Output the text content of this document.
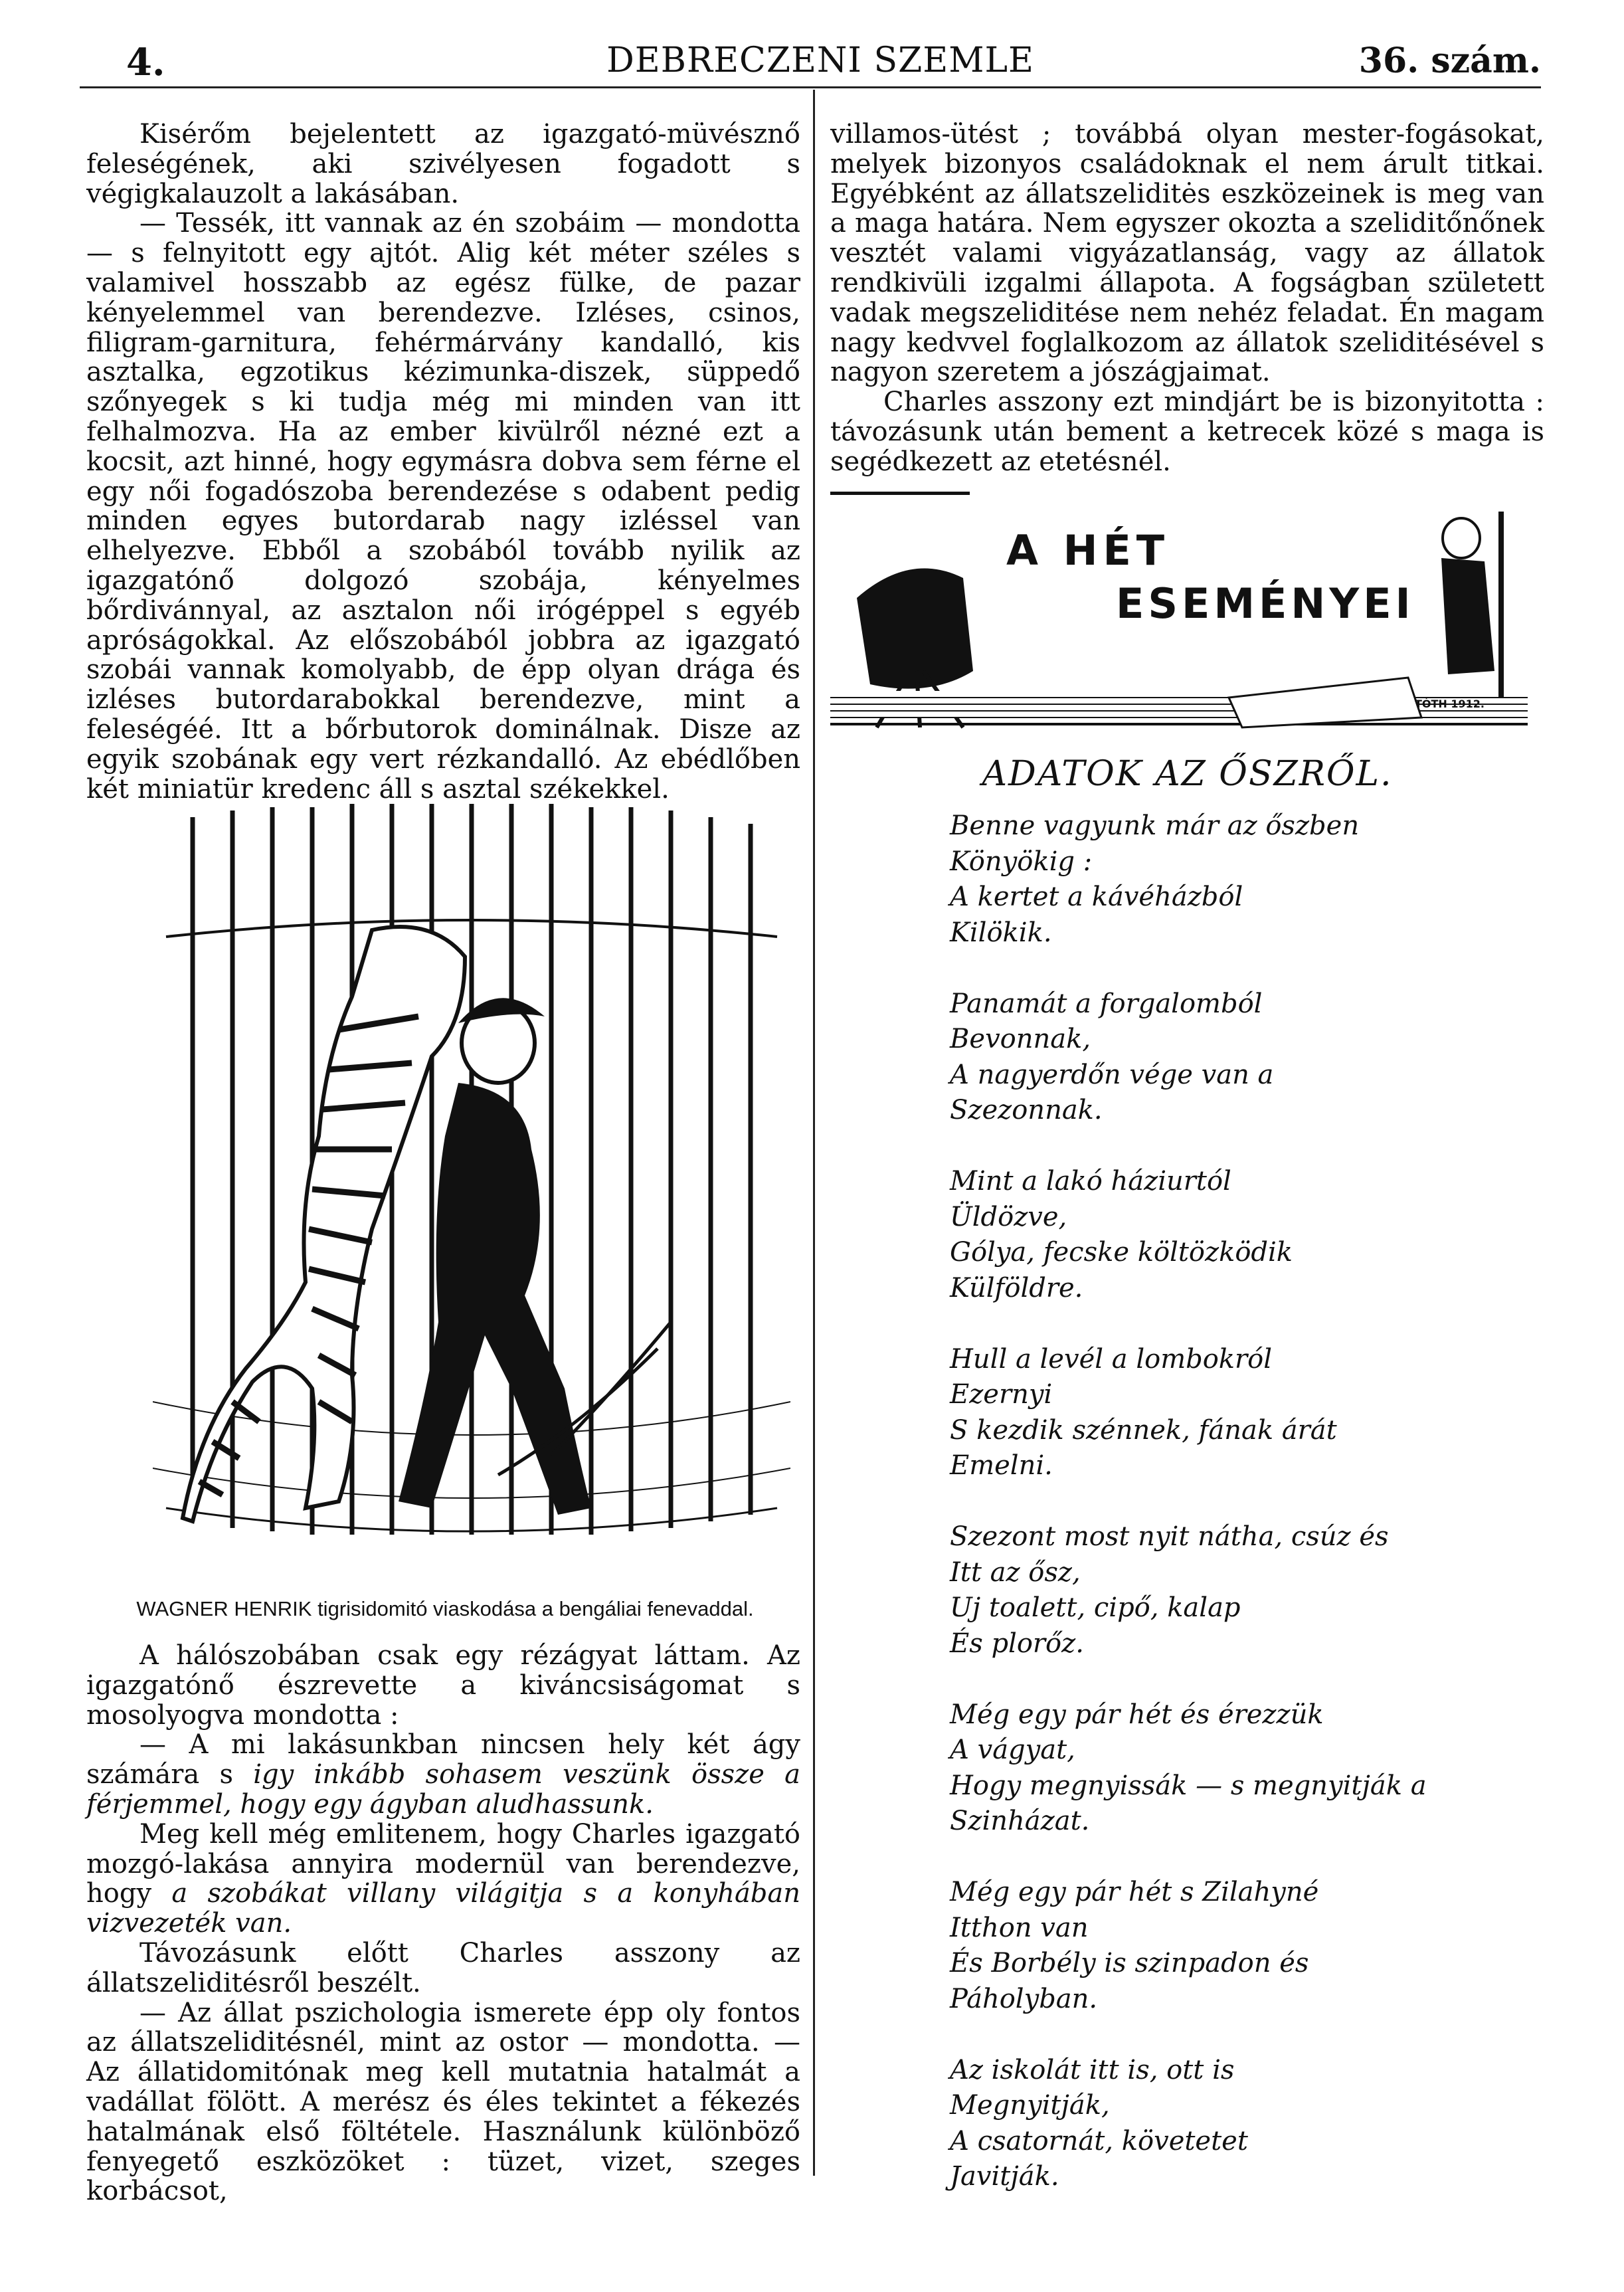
4.	DEBRECZENI SZEMLE	36. szám.

Kisérőm bejelentett az igazgató-müvésznő feleségének, aki szivélyesen fogadott s végigkalauzolt a lakásában.

— Tessék, itt vannak az én szobáim — mondotta — s felnyitott egy ajtót. Alig két méter széles s valamivel hosszabb az egész fülke, de pazar kényelemmel van berendezve. Izléses, csinos, filigram-garnitura, fehérmárvány kandalló, kis asztalka, egzotikus kézimunka-diszek, süppedő szőnyegek s ki tudja még mi minden van itt felhalmozva. Ha az ember kivülről nézné ezt a kocsit, azt hinné, hogy egymásra dobva sem férne el egy női fogadószoba berendezése s odabent pedig minden egyes butordarab nagy izléssel van elhelyezve. Ebből a szobából tovább nyilik az igazgatónő dolgozó szobája, kényelmes bőrdivánnyal, az asztalon női irógéppel s egyéb apróságokkal. Az előszobából jobbra az igazgató szobái vannak komolyabb, de épp olyan drága és izléses butordarabokkal berendezve, mint a feleségéé. Itt a bőrbutorok dominálnak. Disze az egyik szobának egy vert rézkandalló. Az ebédlőben két miniatür kredenc áll s asztal székekkel.

WAGNER HENRIK tigrisidomitó viaskodása a bengáliai fenevaddal.

A hálószobában csak egy rézágyat láttam. Az igazgatónő észrevette a kiváncsiságomat s mosolyogva mondotta :

— A mi lakásunkban nincsen hely két ágy számára s igy inkább sohasem veszünk össze a férjemmel, hogy egy ágyban aludhassunk.

Meg kell még emlitenem, hogy Charles igazgató mozgó-lakása annyira modernül van berendezve, hogy a szobákat villany világitja s a konyhában vizvezeték van.

Távozásunk előtt Charles asszony az állatszeliditésről beszélt.

— Az állat pszichologia ismerete épp oly fontos az állatszeliditésnél, mint az ostor — mondotta. — Az állatidomitónak meg kell mutatnia hatalmát a vadállat fölött. A merész és éles tekintet a fékezés hatalmának első föltétele. Használunk különböző fenyegető eszközöket : tüzet, vizet, szeges korbácsot,

villamos-ütést ; továbbá olyan mester-fogásokat, melyek bizonyos családoknak el nem árult titkai. Egyébként az állatszeliditės eszközeinek is meg van a maga határa. Nem egyszer okozta a szeliditőnőnek vesztét valami vigyázatlanság, vagy az állatok rendkivüli izgalmi állapota. A fogságban született vadak megszeliditése nem nehéz feladat. Én magam nagy kedvvel foglalkozom az állatok szeliditésével s nagyon szeretem a jószágjaimat.

Charles asszony ezt mindjárt be is bizonyitotta : távozásunk után bement a ketrecek közé s maga is segédkezett az etetésnél.

A HÉT
ESEMÉNYEI
TÓTH 1912.
ADATOK AZ ŐSZRŐL.
Benne vagyunk már az őszben
Könyökig :
A kertet a kávéházból
Kilökik.
Panamát a forgalomból
Bevonnak,
A nagyerdőn vége van a
Szezonnak.
Mint a lakó háziurtól
Üldözve,
Gólya, fecske költözködik
Külföldre.
Hull a levél a lombokról
Ezernyi
S kezdik szénnek, fának árát
Emelni.
Szezont most nyit nátha, csúz és
Itt az ősz,
Uj toalett, cipő, kalap
És plorőz.
Még egy pár hét és érezzük
A vágyat,
Hogy megnyissák — s megnyitják a
Szinházat.
Még egy pár hét s Zilahyné
Itthon van
És Borbély is szinpadon és
Páholyban.
Az iskolát itt is, ott is
Megnyitják,
A csatornát, követetet
Javitják.
